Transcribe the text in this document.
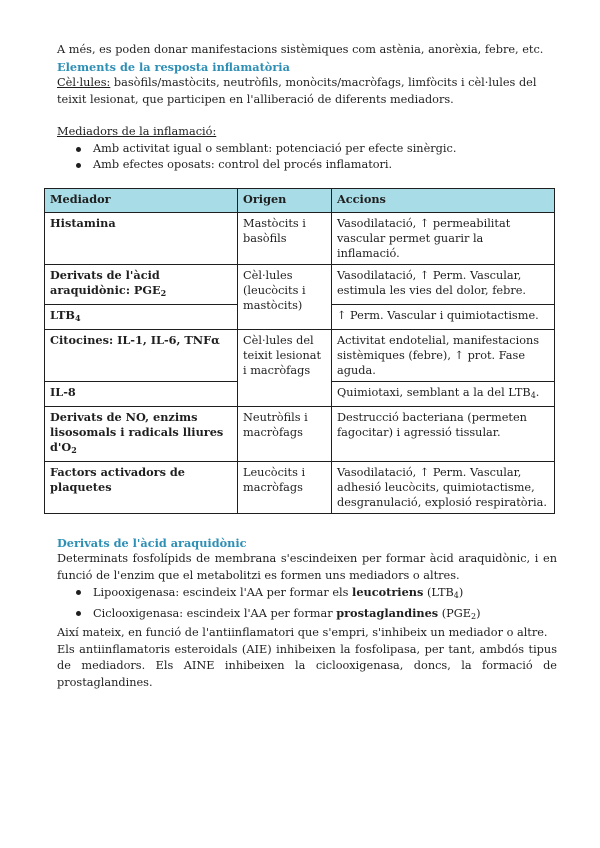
A més, es poden donar manifestacions sistèmiques com astènia, anorèxia, febre, etc.

Elements de la resposta inflamatòria

Cèl·lules: basòfils/mastòcits, neutròfils, monòcits/macròfags, limfòcits i cèl·lules del teixit lesionat, que participen en l'alliberació de diferents mediadors.

Mediadors de la inflamació:

Amb activitat igual o semblant: potenciació per efecte sinèrgic.
Amb efectes oposats: control del procés inflamatori.
Mediador	Origen	Accions
Histamina	Mastòcits i basòfils	Vasodilatació, ↑ permeabilitat vascular permet guarir la inflamació.
Derivats de l'àcid araquidònic: $PGE_2$	Cèl·lules (leucòcits i mastòcits)	Vasodilatació, ↑ Perm. Vascular, estimula les vies del dolor, febre.
$LTB_4$		↑ Perm. Vascular i quimiotactisme.
Citocines: IL-1, IL-6, TNFα	Cèl·lules del teixit lesionat i macròfags	Activitat endotelial, manifestacions sistèmiques (febre), ↑ prot. Fase aguda.
IL-8		Quimiotaxi, semblant a la del $LTB_4$.
Derivats de NO, enzims lisosomals i radicals lliures $d'O_2$	Neutròfils i macròfags	Destrucció bacteriana (permeten fagocitar) i agressió tissular.
Factors activadors de plaquetes	Leucòcits i macròfags	Vasodilatació, ↑ Perm. Vascular, adhesió leucòcits, quimiotactisme, desgranulació, explosió respiratòria.

Derivats de l'àcid araquidònic

Determinats fosfolípids de membrana s'escindeixen per formar àcid araquidònic, i en funció de l'enzim que el metabolitzi es formen uns mediadors o altres.

Lipooxigenasa: escindeix l'AA per formar els leucotriens $(LTB_4)$
Ciclooxigenasa: escindeix l'AA per formar prostaglandines $(PGE_2)$

Així mateix, en funció de l'antiinflamatori que s'empri, s'inhibeix un mediador o altre.

Els antiinflamatoris esteroidals (AIE) inhibeixen la fosfolipasa, per tant, ambdós tipus de mediadors. Els AINE inhibeixen la ciclooxigenasa, doncs, la formació de prostaglandines.
